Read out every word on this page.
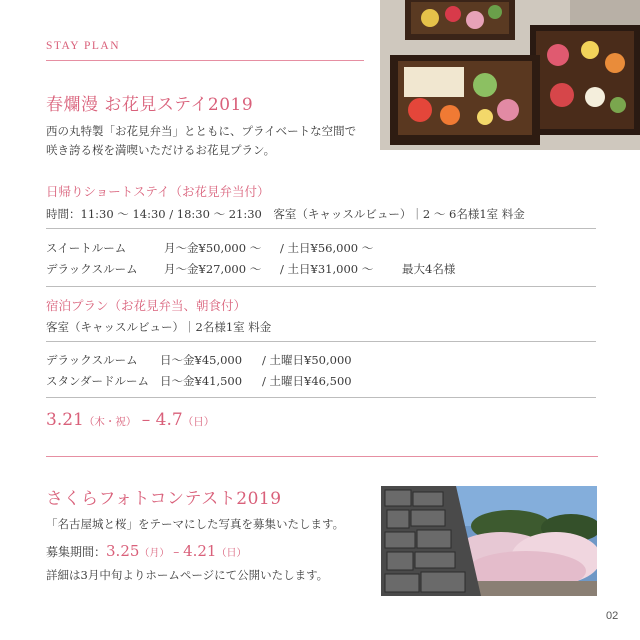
STAY PLAN
春爛漫 お花見ステイ2019
西の丸特製「お花見弁当」とともに、プライベートな空間で
咲き誇る桜を満喫いただけるお花見プラン。
日帰りショートステイ（お花見弁当付）
時間：11:30 〜 14:30 / 18:30 〜 21:30　客室（キャッスルビュー）｜2 〜 6名様1室 料金
スイートルーム	月〜金¥50,000 〜 / 土日¥56,000 〜
デラックスルーム 月〜金¥27,000 〜 / 土日¥31,000 〜	最大4名様
宿泊プラン（お花見弁当、朝食付）
客室（キャッスルビュー）｜2名様1室 料金
デラックスルーム 日〜金¥45,000 / 土曜日¥50,000
スタンダードルーム 日〜金¥41,500 / 土曜日¥46,500
3.21（木・祝） – 4.7（日）
さくらフォトコンテスト2019
「名古屋城と桜」をテーマにした写真を募集いたします。
募集期間：3.25（月） – 4.21（日）
詳細は3月中旬よりホームページにて公開いたします。
02
